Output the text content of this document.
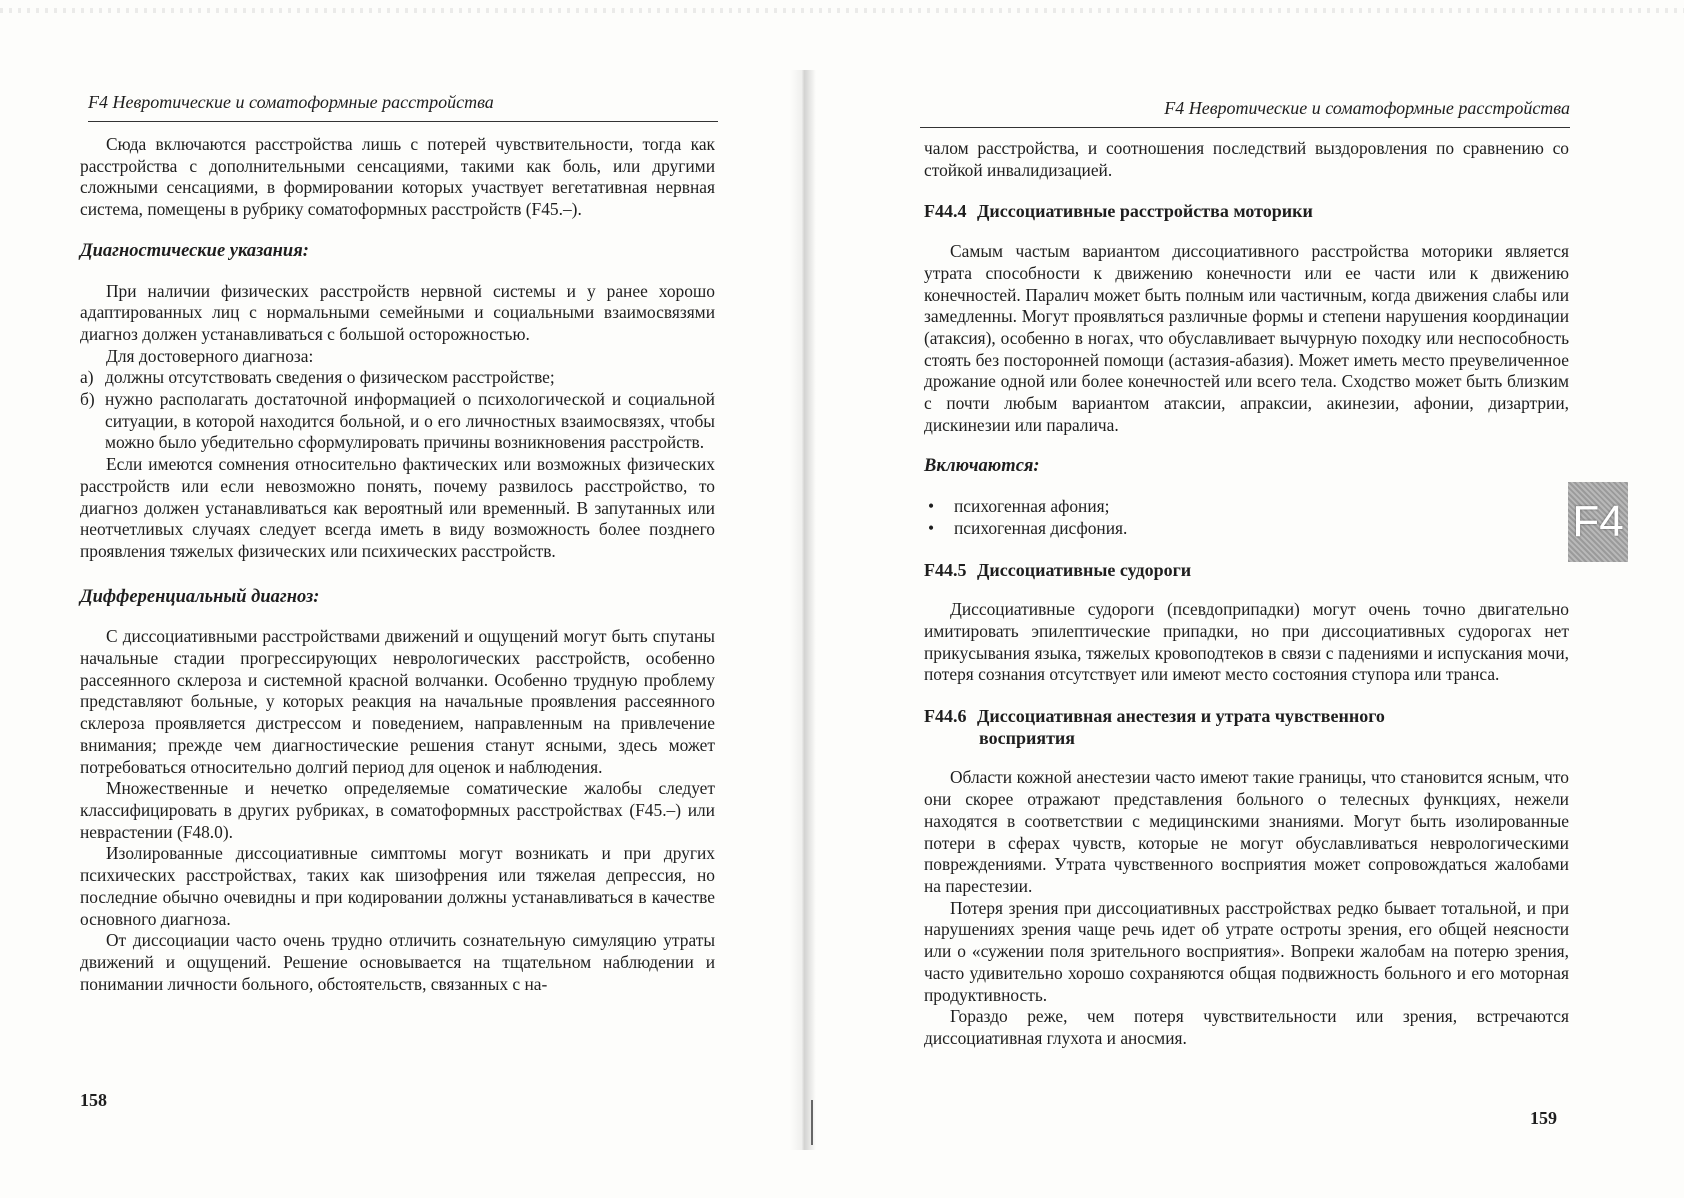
F4 Невротические и соматоформные расстройства

Сюда включаются расстройства лишь с потерей чувствительности, тогда как расстройства с дополнительными сенсациями, такими как боль, или другими сложными сенсациями, в формировании которых участвует вегетативная нервная система, помещены в рубрику соматоформных расстройств (F45.–).

Диагностические указания:

При наличии физических расстройств нервной системы и у ранее хорошо адаптированных лиц с нормальными семейными и социальными взаимосвязями диагноз должен устанавливаться с большой осторожностью.

Для достоверного диагноза:

а) должны отсутствовать сведения о физическом расстройстве;
б) нужно располагать достаточной информацией о психологической и социальной ситуации, в которой находится больной, и о его личностных взаимосвязях, чтобы можно было убедительно сформулировать причины возникновения расстройств.

Если имеются сомнения относительно фактических или возможных физических расстройств или если невозможно понять, почему развилось расстройство, то диагноз должен устанавливаться как вероятный или временный. В запутанных или неотчетливых случаях следует всегда иметь в виду возможность более позднего проявления тяжелых физических или психических расстройств.

Дифференциальный диагноз:

С диссоциативными расстройствами движений и ощущений могут быть спутаны начальные стадии прогрессирующих неврологических расстройств, особенно рассеянного склероза и системной красной волчанки. Особенно трудную проблему представляют больные, у которых реакция на начальные проявления рассеянного склероза проявляется дистрессом и поведением, направленным на привлечение внимания; прежде чем диагностические решения станут ясными, здесь может потребоваться относительно долгий период для оценок и наблюдения.

Множественные и нечетко определяемые соматические жалобы следует классифицировать в других рубриках, в соматоформных расстройствах (F45.–) или неврастении (F48.0).

Изолированные диссоциативные симптомы могут возникать и при других психических расстройствах, таких как шизофрения или тяжелая депрессия, но последние обычно очевидны и при кодировании должны устанавливаться в качестве основного диагноза.

От диссоциации часто очень трудно отличить сознательную симуляцию утраты движений и ощущений. Решение основывается на тщательном наблюдении и понимании личности больного, обстоятельств, связанных с на-

158
F4 Невротические и соматоформные расстройства

чалом расстройства, и соотношения последствий выздоровления по сравнению со стойкой инвалидизацией.

F44.4 Диссоциативные расстройства моторики

Самым частым вариантом диссоциативного расстройства моторики является утрата способности к движению конечности или ее части или к движению конечностей. Паралич может быть полным или частичным, когда движения слабы или замедленны. Могут проявляться различные формы и степени нарушения координации (атаксия), особенно в ногах, что обуславливает вычурную походку или неспособность стоять без посторонней помощи (астазия-абазия). Может иметь место преувеличенное дрожание одной или более конечностей или всего тела. Сходство может быть близким с почти любым вариантом атаксии, апраксии, акинезии, афонии, дизартрии, дискинезии или паралича.

Включаются:
• психогенная афония;
• психогенная дисфония.
F44.5 Диссоциативные судороги

Диссоциативные судороги (псевдоприпадки) могут очень точно двигательно имитировать эпилептические припадки, но при диссоциативных судорогах нет прикусывания языка, тяжелых кровоподтеков в связи с падениями и испускания мочи, потеря сознания отсутствует или имеют место состояния ступора или транса.

F44.6 Диссоциативная анестезия и утрата чувственного
восприятия

Области кожной анестезии часто имеют такие границы, что становится ясным, что они скорее отражают представления больного о телесных функциях, нежели находятся в соответствии с медицинскими знаниями. Могут быть изолированные потери в сферах чувств, которые не могут обуславливаться неврологическими повреждениями. Утрата чувственного восприятия может сопровождаться жалобами на парестезии.

Потеря зрения при диссоциативных расстройствах редко бывает тотальной, и при нарушениях зрения чаще речь идет об утрате остроты зрения, его общей неясности или о «сужении поля зрительного восприятия». Вопреки жалобам на потерю зрения, часто удивительно хорошо сохраняются общая подвижность больного и его моторная продуктивность.

Гораздо реже, чем потеря чувствительности или зрения, встречаются диссоциативная глухота и аносмия.

159
F4
